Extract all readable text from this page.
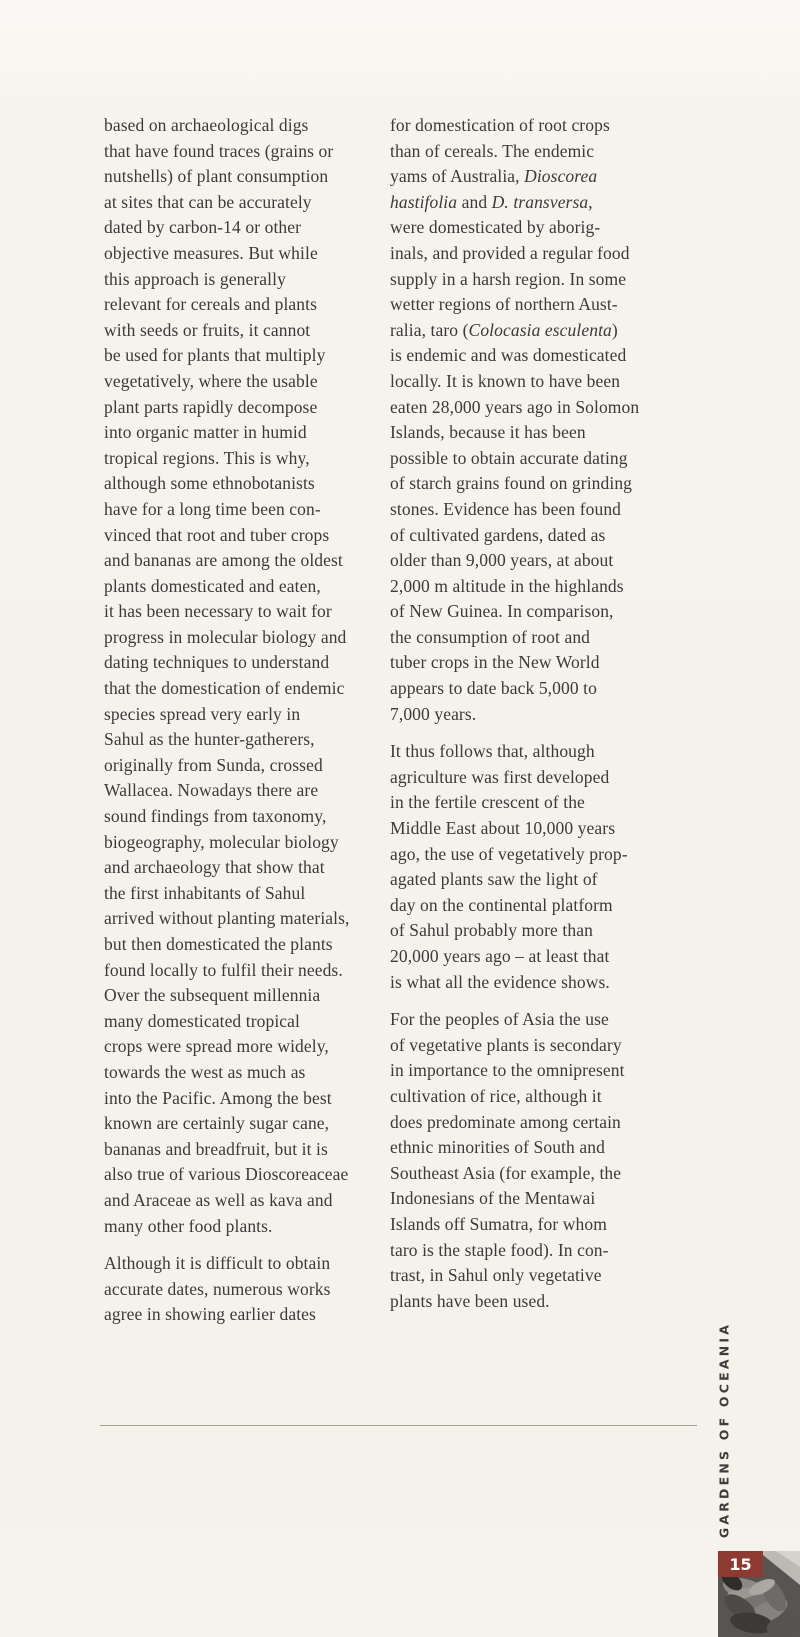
based on archaeological digs
that have found traces (grains or
nutshells) of plant consumption
at sites that can be accurately
dated by carbon-14 or other
objective measures. But while
this approach is generally
relevant for cereals and plants
with seeds or fruits, it cannot
be used for plants that multiply
vegetatively, where the usable
plant parts rapidly decompose
into organic matter in humid
tropical regions. This is why,
although some ethnobotanists
have for a long time been con-
vinced that root and tuber crops
and bananas are among the oldest
plants domesticated and eaten,
it has been necessary to wait for
progress in molecular biology and
dating techniques to understand
that the domestication of endemic
species spread very early in
Sahul as the hunter-gatherers,
originally from Sunda, crossed
Wallacea. Nowadays there are
sound findings from taxonomy,
biogeography, molecular biology
and archaeology that show that
the first inhabitants of Sahul
arrived without planting materials,
but then domesticated the plants
found locally to fulfil their needs.
Over the subsequent millennia
many domesticated tropical
crops were spread more widely,
towards the west as much as
into the Pacific. Among the best
known are certainly sugar cane,
bananas and breadfruit, but it is
also true of various Dioscoreaceae
and Araceae as well as kava and
many other food plants.
Although it is difficult to obtain
accurate dates, numerous works
agree in showing earlier dates
for domestication of root crops
than of cereals. The endemic
yams of Australia, Dioscorea
hastifolia and D. transversa,
were domesticated by aborig-
inals, and provided a regular food
supply in a harsh region. In some
wetter regions of northern Aust-
ralia, taro (Colocasia esculenta)
is endemic and was domesticated
locally. It is known to have been
eaten 28,000 years ago in Solomon
Islands, because it has been
possible to obtain accurate dating
of starch grains found on grinding
stones. Evidence has been found
of cultivated gardens, dated as
older than 9,000 years, at about
2,000 m altitude in the highlands
of New Guinea. In comparison,
the consumption of root and
tuber crops in the New World
appears to date back 5,000 to
7,000 years.
It thus follows that, although
agriculture was first developed
in the fertile crescent of the
Middle East about 10,000 years
ago, the use of vegetatively prop-
agated plants saw the light of
day on the continental platform
of Sahul probably more than
20,000 years ago – at least that
is what all the evidence shows.
For the peoples of Asia the use
of vegetative plants is secondary
in importance to the omnipresent
cultivation of rice, although it
does predominate among certain
ethnic minorities of South and
Southeast Asia (for example, the
Indonesians of the Mentawai
Islands off Sumatra, for whom
taro is the staple food). In con-
trast, in Sahul only vegetative
plants have been used.
GARDENS OF OCEANIA
15
